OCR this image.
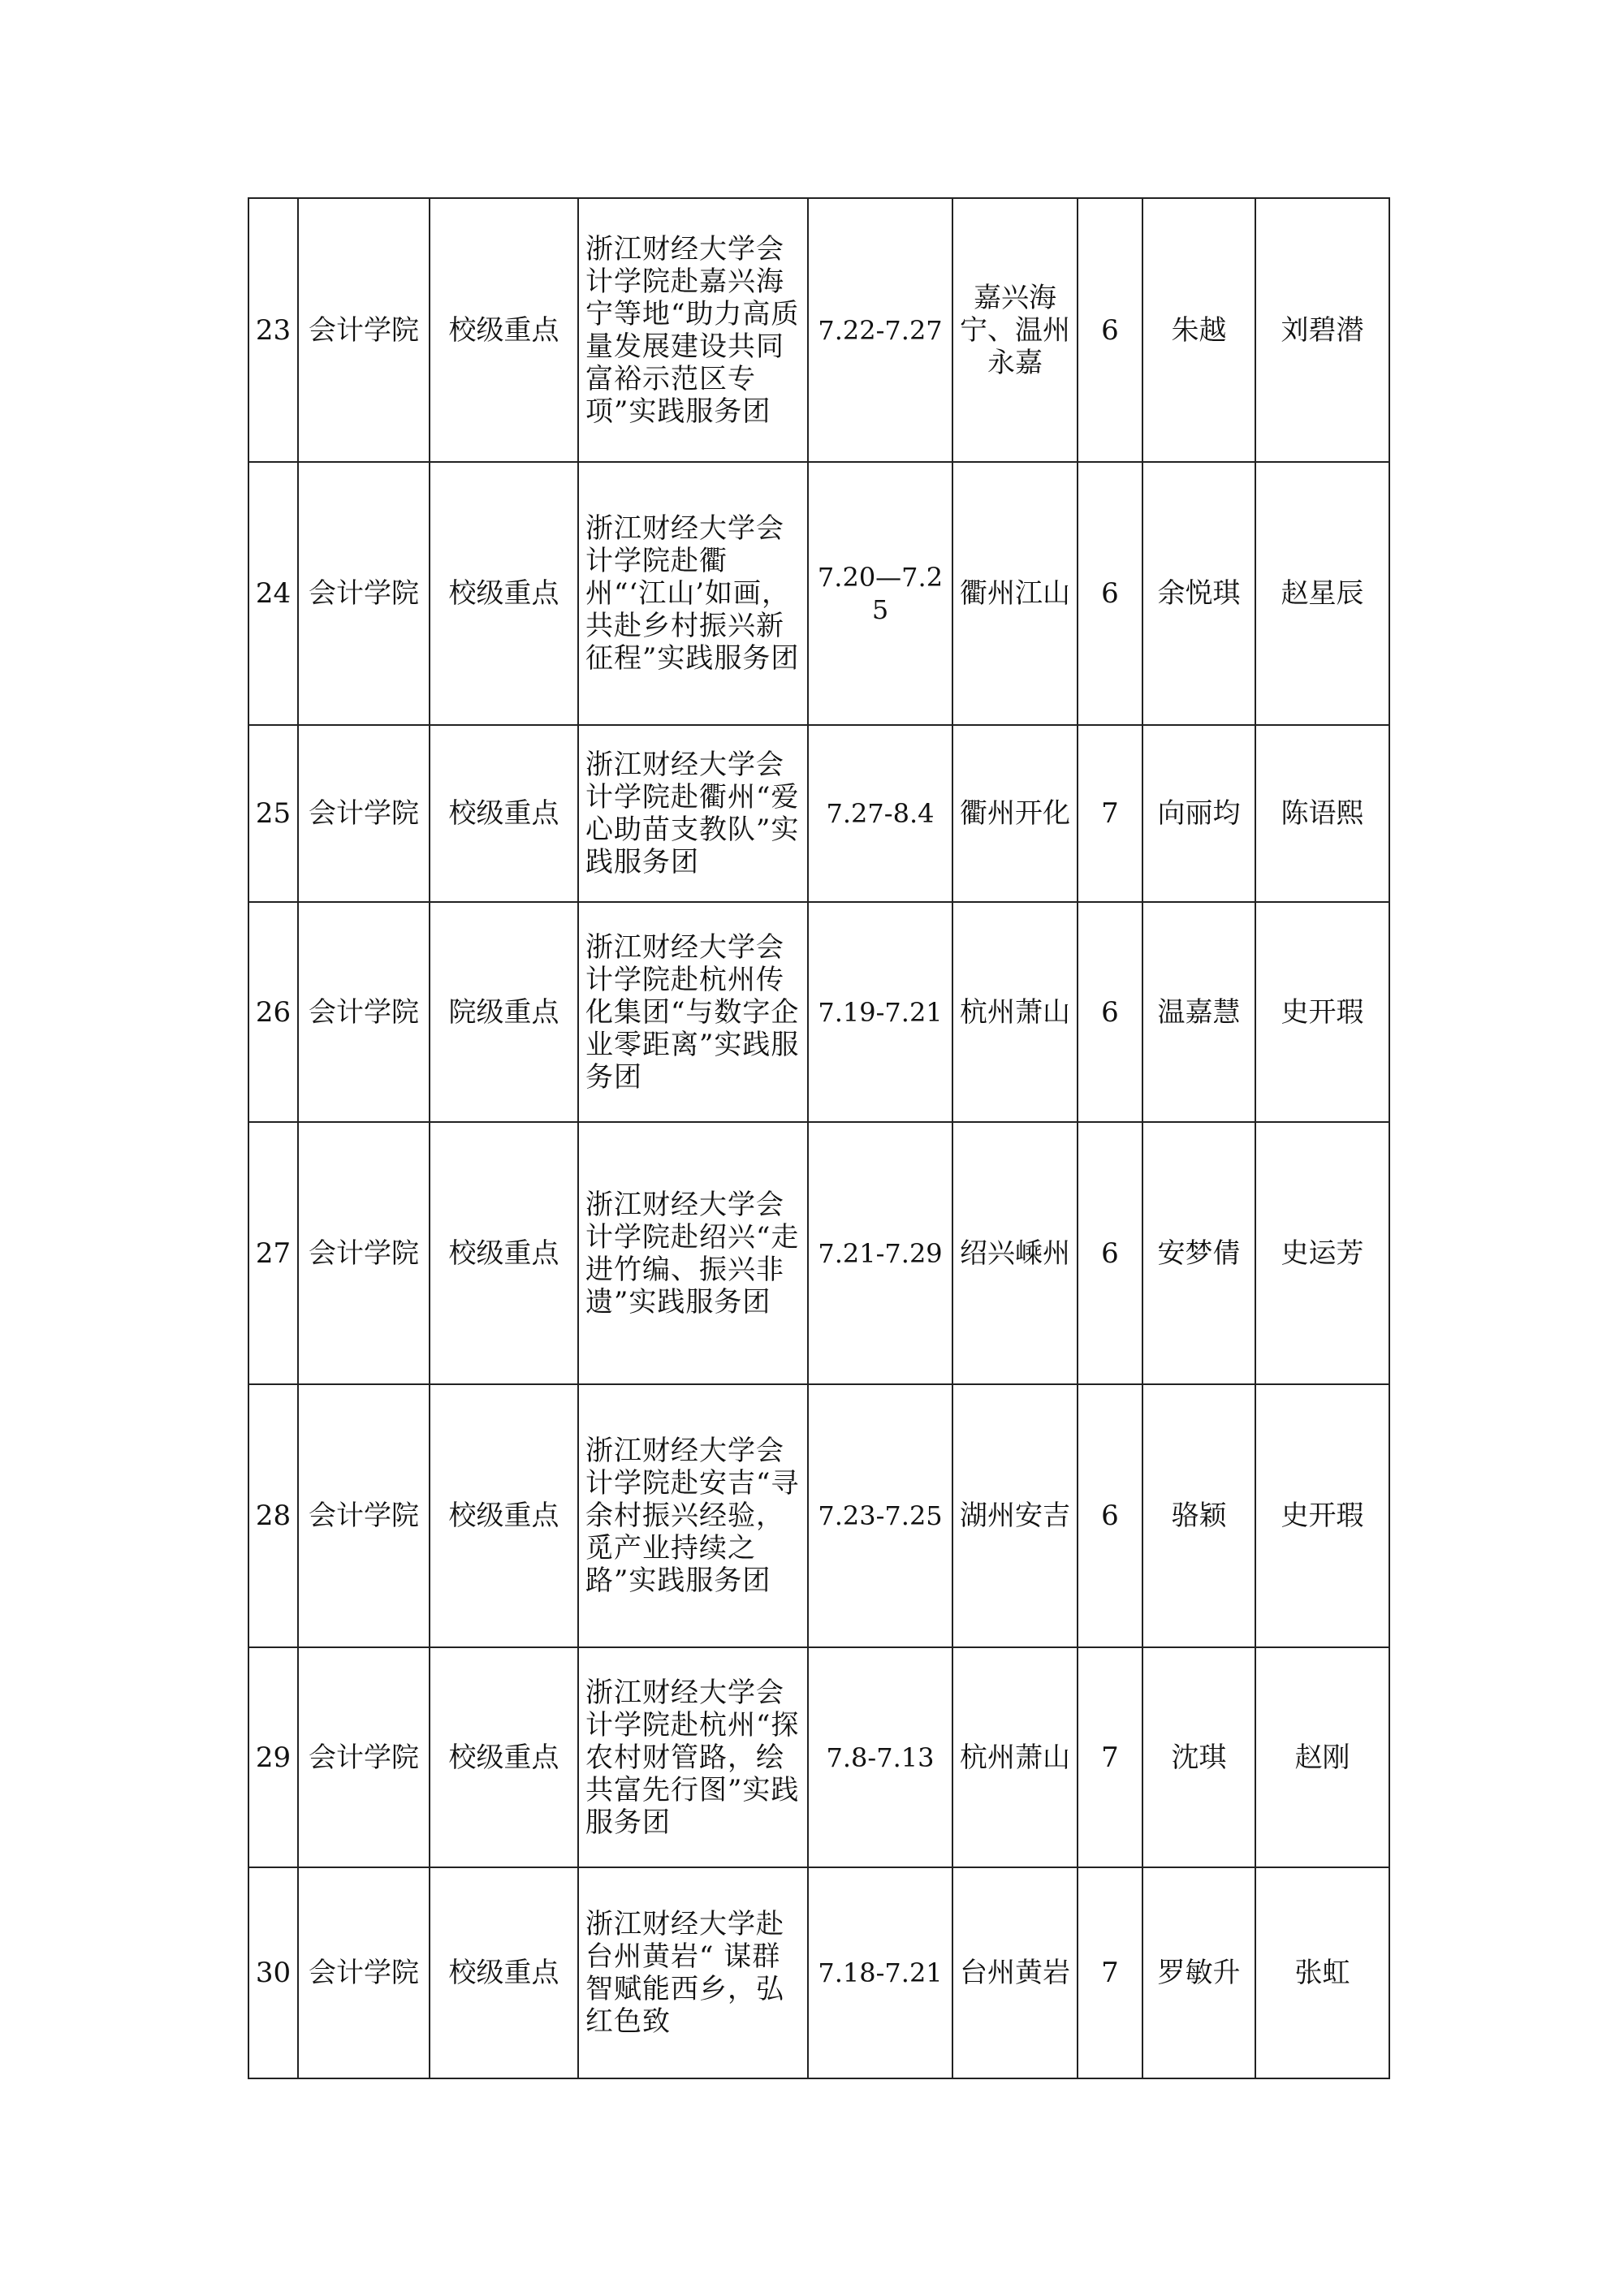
23	会计学院	校级重点	浙江财经大学会计学院赴嘉兴海宁等地“助力高质量发展建设共同富裕示范区专项”实践服务团	7.22-7.27	嘉兴海宁、温州永嘉	6	朱越	刘碧潜
24	会计学院	校级重点	浙江财经大学会计学院赴衢州“‘江山’如画，共赴乡村振兴新征程”实践服务团	7.20—7.25	衢州江山	6	余悦琪	赵星辰
25	会计学院	校级重点	浙江财经大学会计学院赴衢州“爱心助苗支教队”实践服务团	7.27-8.4	衢州开化	7	向丽均	陈语熙
26	会计学院	院级重点	浙江财经大学会计学院赴杭州传化集团“与数字企业零距离”实践服务团	7.19-7.21	杭州萧山	6	温嘉慧	史开瑕
27	会计学院	校级重点	浙江财经大学会计学院赴绍兴“走进竹编、振兴非遗”实践服务团	7.21-7.29	绍兴嵊州	6	安梦倩	史运芳
28	会计学院	校级重点	浙江财经大学会计学院赴安吉“寻余村振兴经验，觅产业持续之路”实践服务团	7.23-7.25	湖州安吉	6	骆颖	史开瑕
29	会计学院	校级重点	浙江财经大学会计学院赴杭州“探农村财管路，绘共富先行图”实践服务团	7.8-7.13	杭州萧山	7	沈琪	赵刚
30	会计学院	校级重点	浙江财经大学赴台州黄岩“ 谋群智赋能西乡，弘红色致	7.18-7.21	台州黄岩	7	罗敏升	张虹
